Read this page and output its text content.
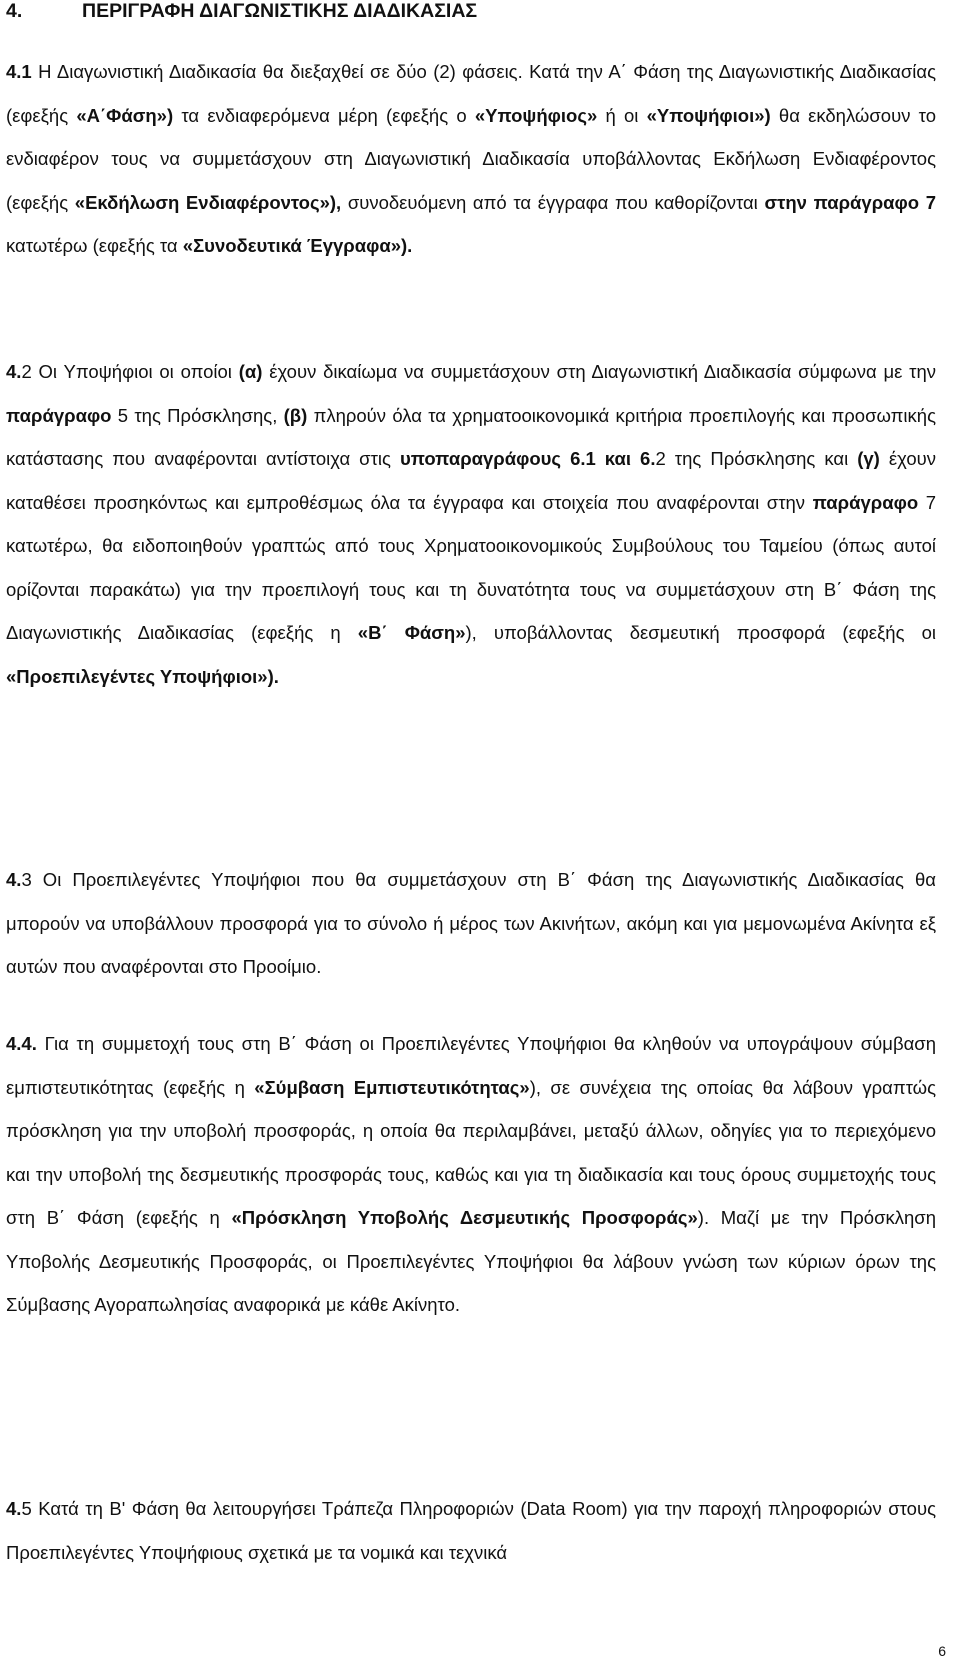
4.	ΠΕΡΙΓΡΑΦΗ ΔΙΑΓΩΝΙΣΤΙΚΗΣ ΔΙΑΔΙΚΑΣΙΑΣ

4.1 Η Διαγωνιστική Διαδικασία θα διεξαχθεί σε δύο (2) φάσεις. Κατά την Α΄ Φάση της Διαγωνιστικής Διαδικασίας (εφεξής «Α΄Φάση») τα ενδιαφερόμενα μέρη (εφεξής ο «Υποψήφιος» ή οι «Υποψήφιοι») θα εκδηλώσουν το ενδιαφέρον τους να συμμετάσχουν στη Διαγωνιστική Διαδικασία υποβάλλοντας Εκδήλωση Ενδιαφέροντος (εφεξής «Εκδήλωση Ενδιαφέροντος»), συνοδευόμενη από τα έγγραφα που καθορίζονται στην παράγραφο 7 κατωτέρω (εφεξής τα «Συνοδευτικά Έγγραφα»).

4.2 Οι Υποψήφιοι οι οποίοι (α) έχουν δικαίωμα να συμμετάσχουν στη Διαγωνιστική Διαδικασία σύμφωνα με την παράγραφο 5 της Πρόσκλησης, (β) πληρούν όλα τα χρηματοοικονομικά κριτήρια προεπιλογής και προσωπικής κατάστασης που αναφέρονται αντίστοιχα στις υποπαραγράφους 6.1 και 6.2 της Πρόσκλησης και (γ) έχουν καταθέσει προσηκόντως και εμπροθέσμως όλα τα έγγραφα και στοιχεία που αναφέρονται στην παράγραφο 7 κατωτέρω, θα ειδοποιηθούν γραπτώς από τους Χρηματοοικονομικούς Συμβούλους του Ταμείου (όπως αυτοί ορίζονται παρακάτω) για την προεπιλογή τους και τη δυνατότητα τους να συμμετάσχουν στη Β΄ Φάση της Διαγωνιστικής Διαδικασίας (εφεξής η «Β΄ Φάση»), υποβάλλοντας δεσμευτική προσφορά (εφεξής οι «Προεπιλεγέντες Υποψήφιοι»).

4.3 Οι Προεπιλεγέντες Υποψήφιοι που θα συμμετάσχουν στη Β΄ Φάση της Διαγωνιστικής Διαδικασίας θα μπορούν να υποβάλλουν προσφορά για το σύνολο ή μέρος των Ακινήτων, ακόμη και για μεμονωμένα Ακίνητα εξ αυτών που αναφέρονται στο Προοίμιο.

4.4. Για τη συμμετοχή τους στη Β΄ Φάση οι Προεπιλεγέντες Υποψήφιοι θα κληθούν να υπογράψουν σύμβαση εμπιστευτικότητας (εφεξής η «Σύμβαση Εμπιστευτικότητας»), σε συνέχεια της οποίας θα λάβουν γραπτώς πρόσκληση για την υποβολή προσφοράς, η οποία θα περιλαμβάνει, μεταξύ άλλων, οδηγίες για το περιεχόμενο και την υποβολή της δεσμευτικής προσφοράς τους, καθώς και για τη διαδικασία και τους όρους συμμετοχής τους στη Β΄ Φάση (εφεξής η «Πρόσκληση Υποβολής Δεσμευτικής Προσφοράς»). Μαζί με την Πρόσκληση Υποβολής Δεσμευτικής Προσφοράς, οι Προεπιλεγέντες Υποψήφιοι θα λάβουν γνώση των κύριων όρων της Σύμβασης Αγοραπωλησίας αναφορικά με κάθε Ακίνητο.

4.5 Κατά τη Β' Φάση θα λειτουργήσει Τράπεζα Πληροφοριών (Data Room) για την παροχή πληροφοριών στους Προεπιλεγέντες Υποψήφιους σχετικά με τα νομικά και τεχνικά

6
